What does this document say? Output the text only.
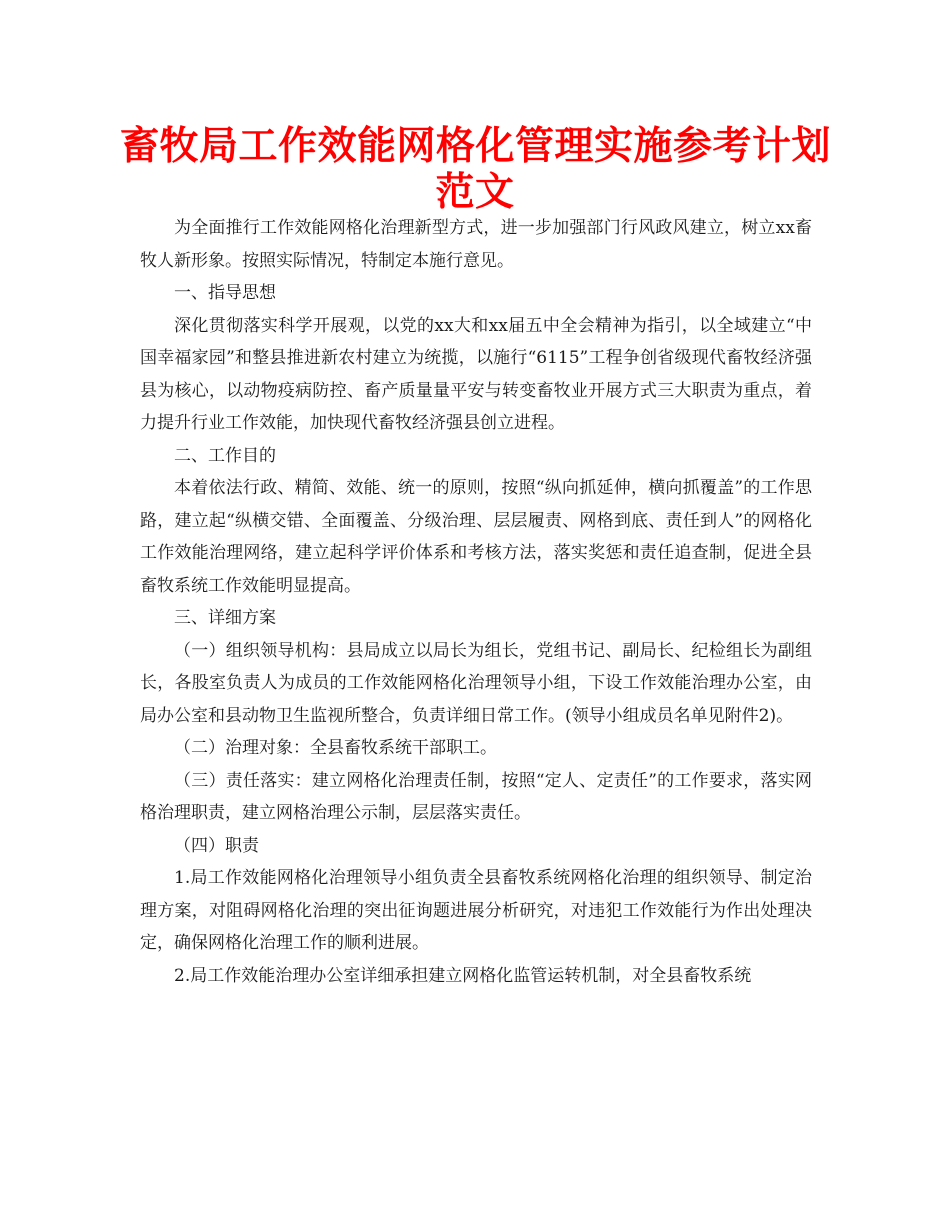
畜牧局工作效能网格化管理实施参考计划
范文

为全面推行工作效能网格化治理新型方式，进一步加强部门行风政风建立，树立xx畜牧人新形象。按照实际情况，特制定本施行意见。

一、指导思想

深化贯彻落实科学开展观，以党的xx大和xx届五中全会精神为指引，以全域建立“中国幸福家园”和整县推进新农村建立为统揽，以施行“6115”工程争创省级现代畜牧经济强县为核心，以动物疫病防控、畜产质量量平安与转变畜牧业开展方式三大职责为重点，着力提升行业工作效能，加快现代畜牧经济强县创立进程。

二、工作目的

本着依法行政、精简、效能、统一的原则，按照“纵向抓延伸，横向抓覆盖”的工作思路，建立起“纵横交错、全面覆盖、分级治理、层层履责、网格到底、责任到人”的网格化工作效能治理网络，建立起科学评价体系和考核方法，落实奖惩和责任追查制，促进全县畜牧系统工作效能明显提高。

三、详细方案

（一）组织领导机构：县局成立以局长为组长，党组书记、副局长、纪检组长为副组长，各股室负责人为成员的工作效能网格化治理领导小组，下设工作效能治理办公室，由局办公室和县动物卫生监视所整合，负责详细日常工作。(领导小组成员名单见附件2)。

（二）治理对象：全县畜牧系统干部职工。

（三）责任落实：建立网格化治理责任制，按照“定人、定责任”的工作要求，落实网格治理职责，建立网格治理公示制，层层落实责任。

（四）职责

1.局工作效能网格化治理领导小组负责全县畜牧系统网格化治理的组织领导、制定治理方案，对阻碍网格化治理的突出征询题进展分析研究，对违犯工作效能行为作出处理决定，确保网格化治理工作的顺利进展。

2.局工作效能治理办公室详细承担建立网格化监管运转机制，对全县畜牧系统
